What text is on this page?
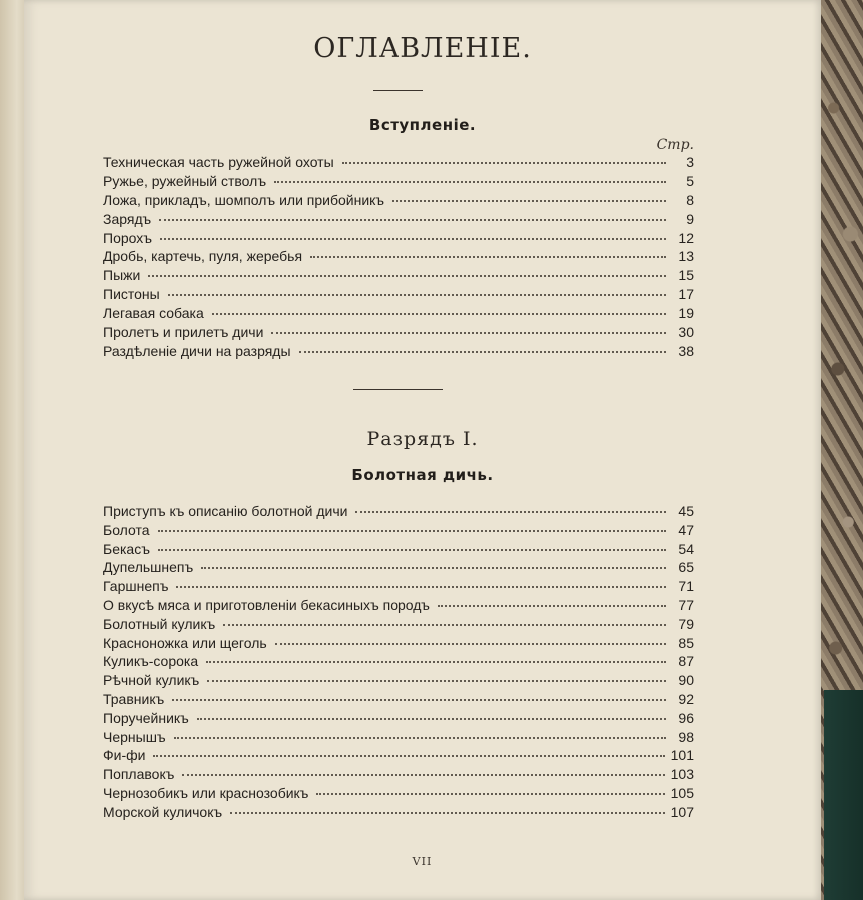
ОГЛАВЛЕНІЕ.
Вступленіе.
Стр.
Техническая часть ружейной охоты	3
Ружье, ружейный стволъ	5
Ложа, прикладъ, шомполъ или прибойникъ	8
Зарядъ	9
Порохъ	12
Дробь, картечь, пуля, жеребья	13
Пыжи	15
Пистоны	17
Легавая собака	19
Пролетъ и прилетъ дичи	30
Раздѣленіе дичи на разряды	38
Разрядъ I.
Болотная дичь.
Приступъ къ описанію болотной дичи	45
Болота	47
Бекасъ	54
Дупельшнепъ	65
Гаршнепъ	71
О вкусѣ мяса и приготовленіи бекасиныхъ породъ	77
Болотный куликъ	79
Красноножка или щеголь	85
Куликъ-сорока	87
Рѣчной куликъ	90
Травникъ	92
Поручейникъ	96
Чернышъ	98
Фи-фи	101
Поплавокъ	103
Чернозобикъ или краснозобикъ	105
Морской куличокъ	107
VII
